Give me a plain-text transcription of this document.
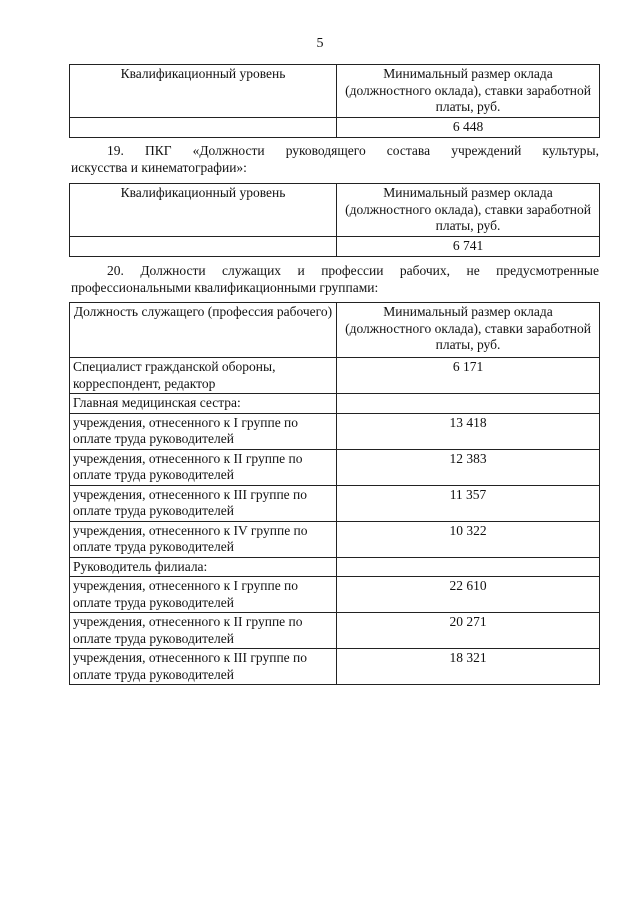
5
Квалификационный уровень	Минимальный размер оклада (должностного оклада), ставки заработной платы, руб.
	6 448
19. ПКГ «Должности руководящего состава учреждений культуры,
искусства и кинематографии»:
Квалификационный уровень	Минимальный размер оклада (должностного оклада), ставки заработной платы, руб.
	6 741
20. Должности служащих и профессии рабочих, не предусмотренные
профессиональными квалификационными группами:
Должность служащего (профессия рабочего)	Минимальный размер оклада (должностного оклада), ставки заработной платы, руб.
Специалист гражданской обороны, корреспондент, редактор	6 171
Главная медицинская сестра:	
учреждения, отнесенного к I группе по оплате труда руководителей	13 418
учреждения, отнесенного к II группе по оплате труда руководителей	12 383
учреждения, отнесенного к III группе по оплате труда руководителей	11 357
учреждения, отнесенного к IV группе по оплате труда руководителей	10 322
Руководитель филиала:	
учреждения, отнесенного к I группе по оплате труда руководителей	22 610
учреждения, отнесенного к II группе по оплате труда руководителей	20 271
учреждения, отнесенного к III группе по оплате труда руководителей	18 321
